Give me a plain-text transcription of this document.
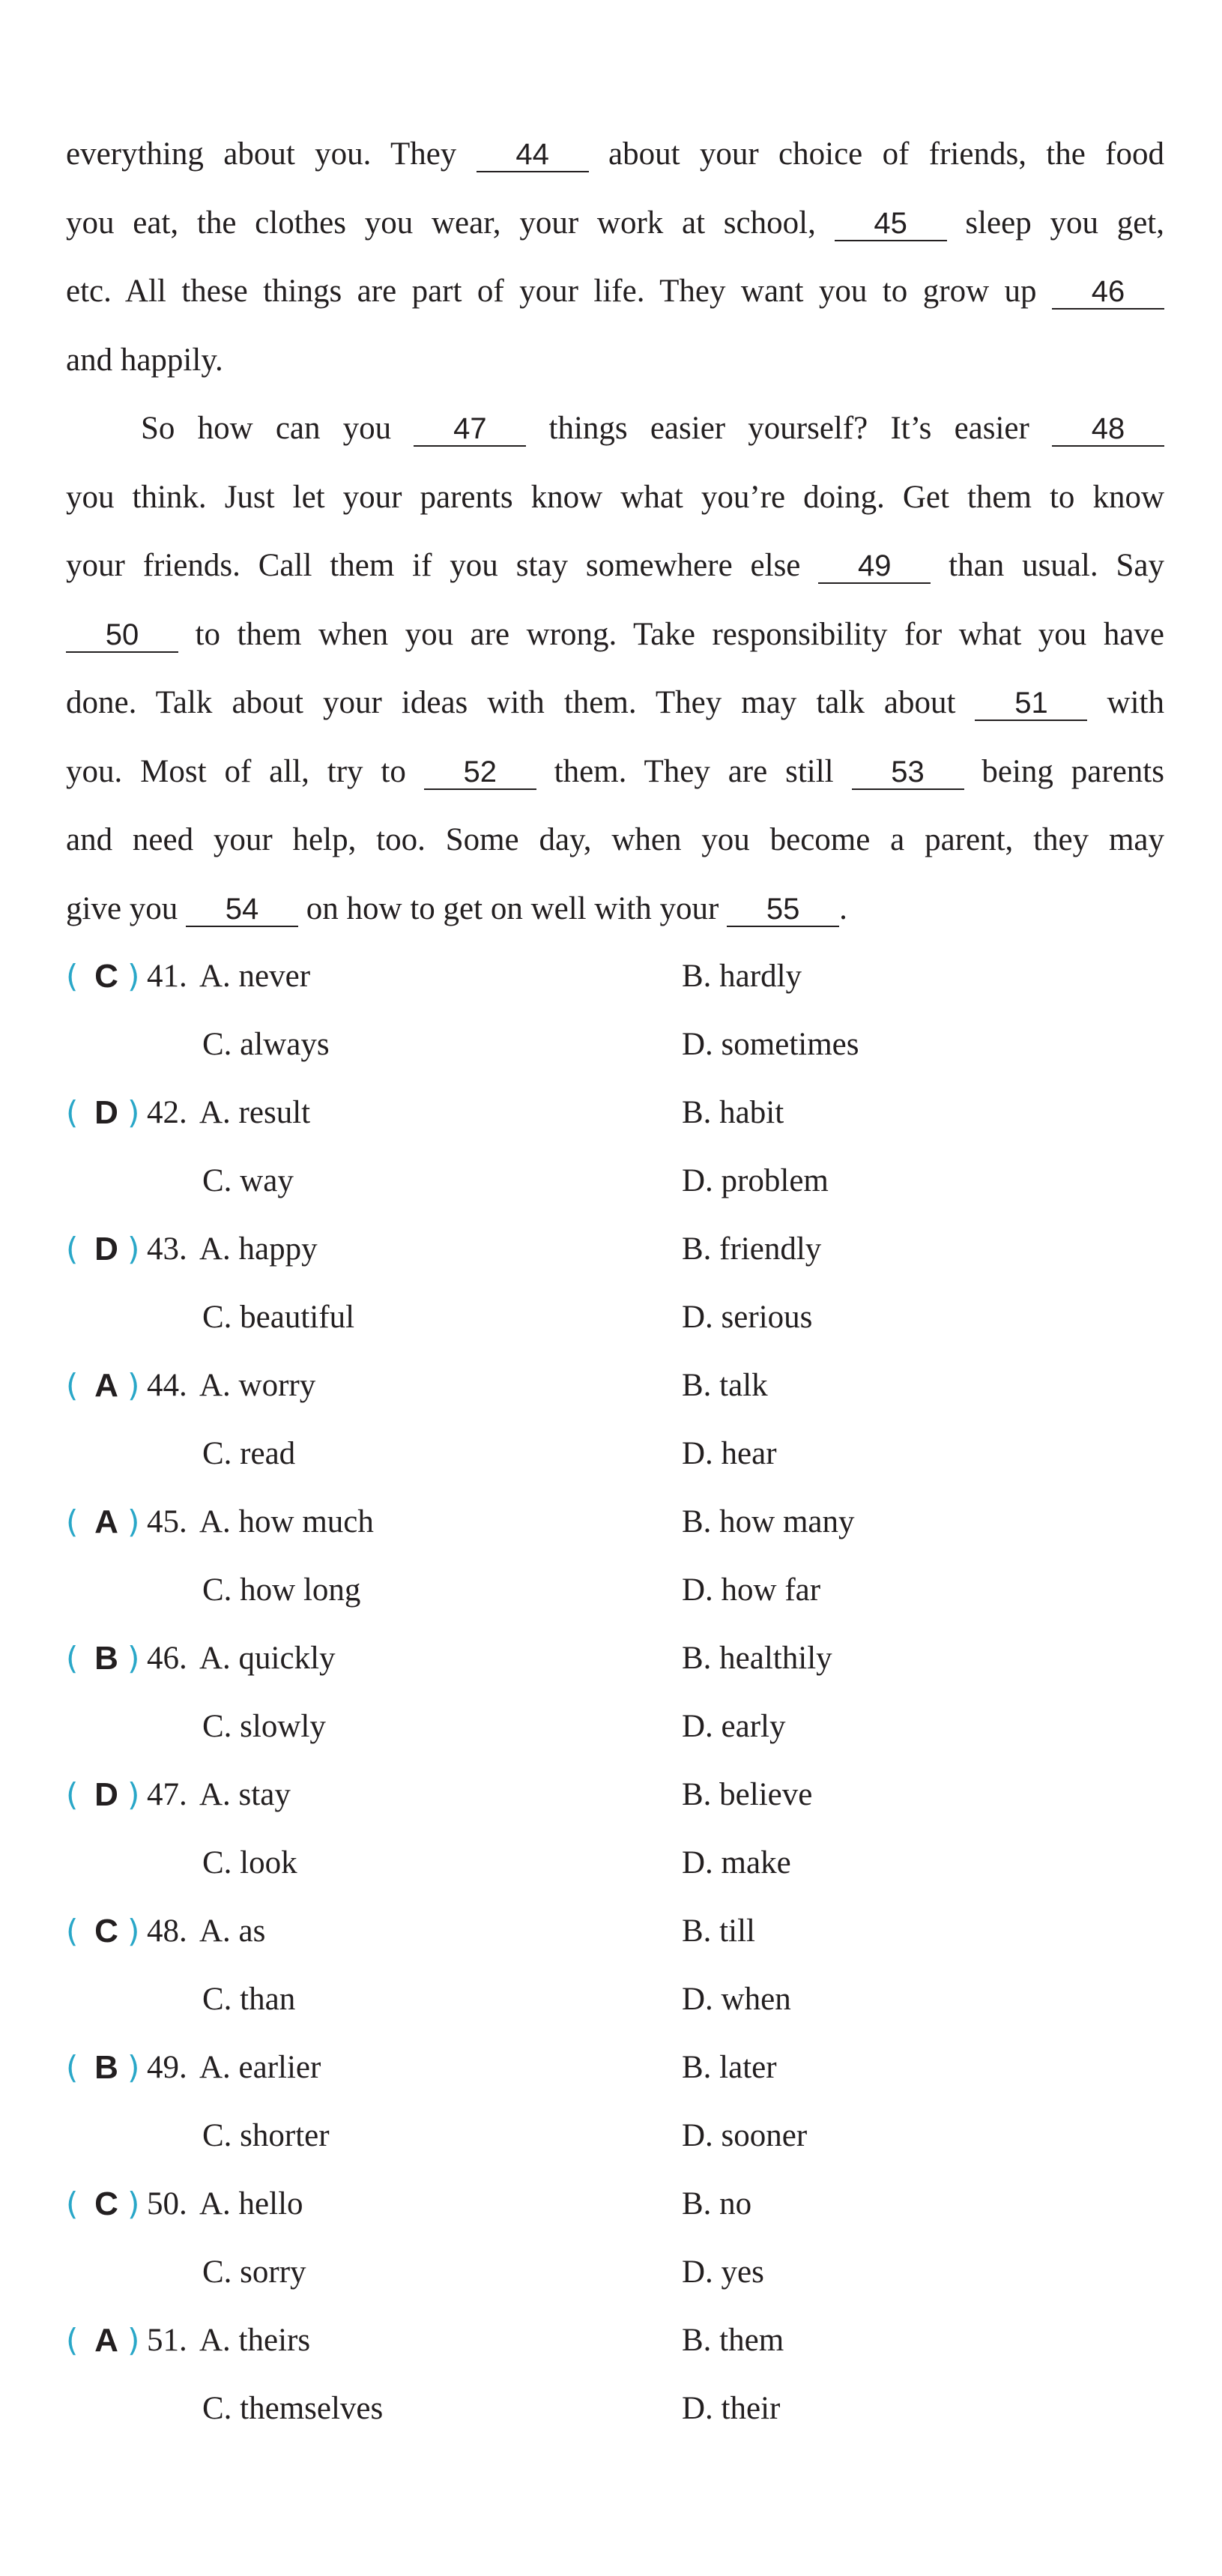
everything about you. They 44 about your choice of friends, the food
you eat, the clothes you wear, your work at school, 45 sleep you get,
etc. All these things are part of your life. They want you to grow up 46
and happily.
So how can you 47 things easier yourself? It’s easier 48
you think. Just let your parents know what you’re doing. Get them to know
your friends. Call them if you stay somewhere else 49 than usual. Say
50 to them when you are wrong. Take responsibility for what you have
done. Talk about your ideas with them. They may talk about 51 with
you. Most of all, try to 52 them. They are still 53 being parents
and need your help, too. Some day, when you become a parent, they may
give you 54 on how to get on well with your 55 .
( C ) 41. A. never	B. hardly
C. always	D. sometimes
( D ) 42. A. result	B. habit
C. way	D. problem
( D ) 43. A. happy	B. friendly
C. beautiful	D. serious
( A ) 44. A. worry	B. talk
C. read	D. hear
( A ) 45. A. how much	B. how many
C. how long	D. how far
( B ) 46. A. quickly	B. healthily
C. slowly	D. early
( D ) 47. A. stay	B. believe
C. look	D. make
( C ) 48. A. as	B. till
C. than	D. when
( B ) 49. A. earlier	B. later
C. shorter	D. sooner
( C ) 50. A. hello	B. no
C. sorry	D. yes
( A ) 51. A. theirs	B. them
C. themselves	D. their
